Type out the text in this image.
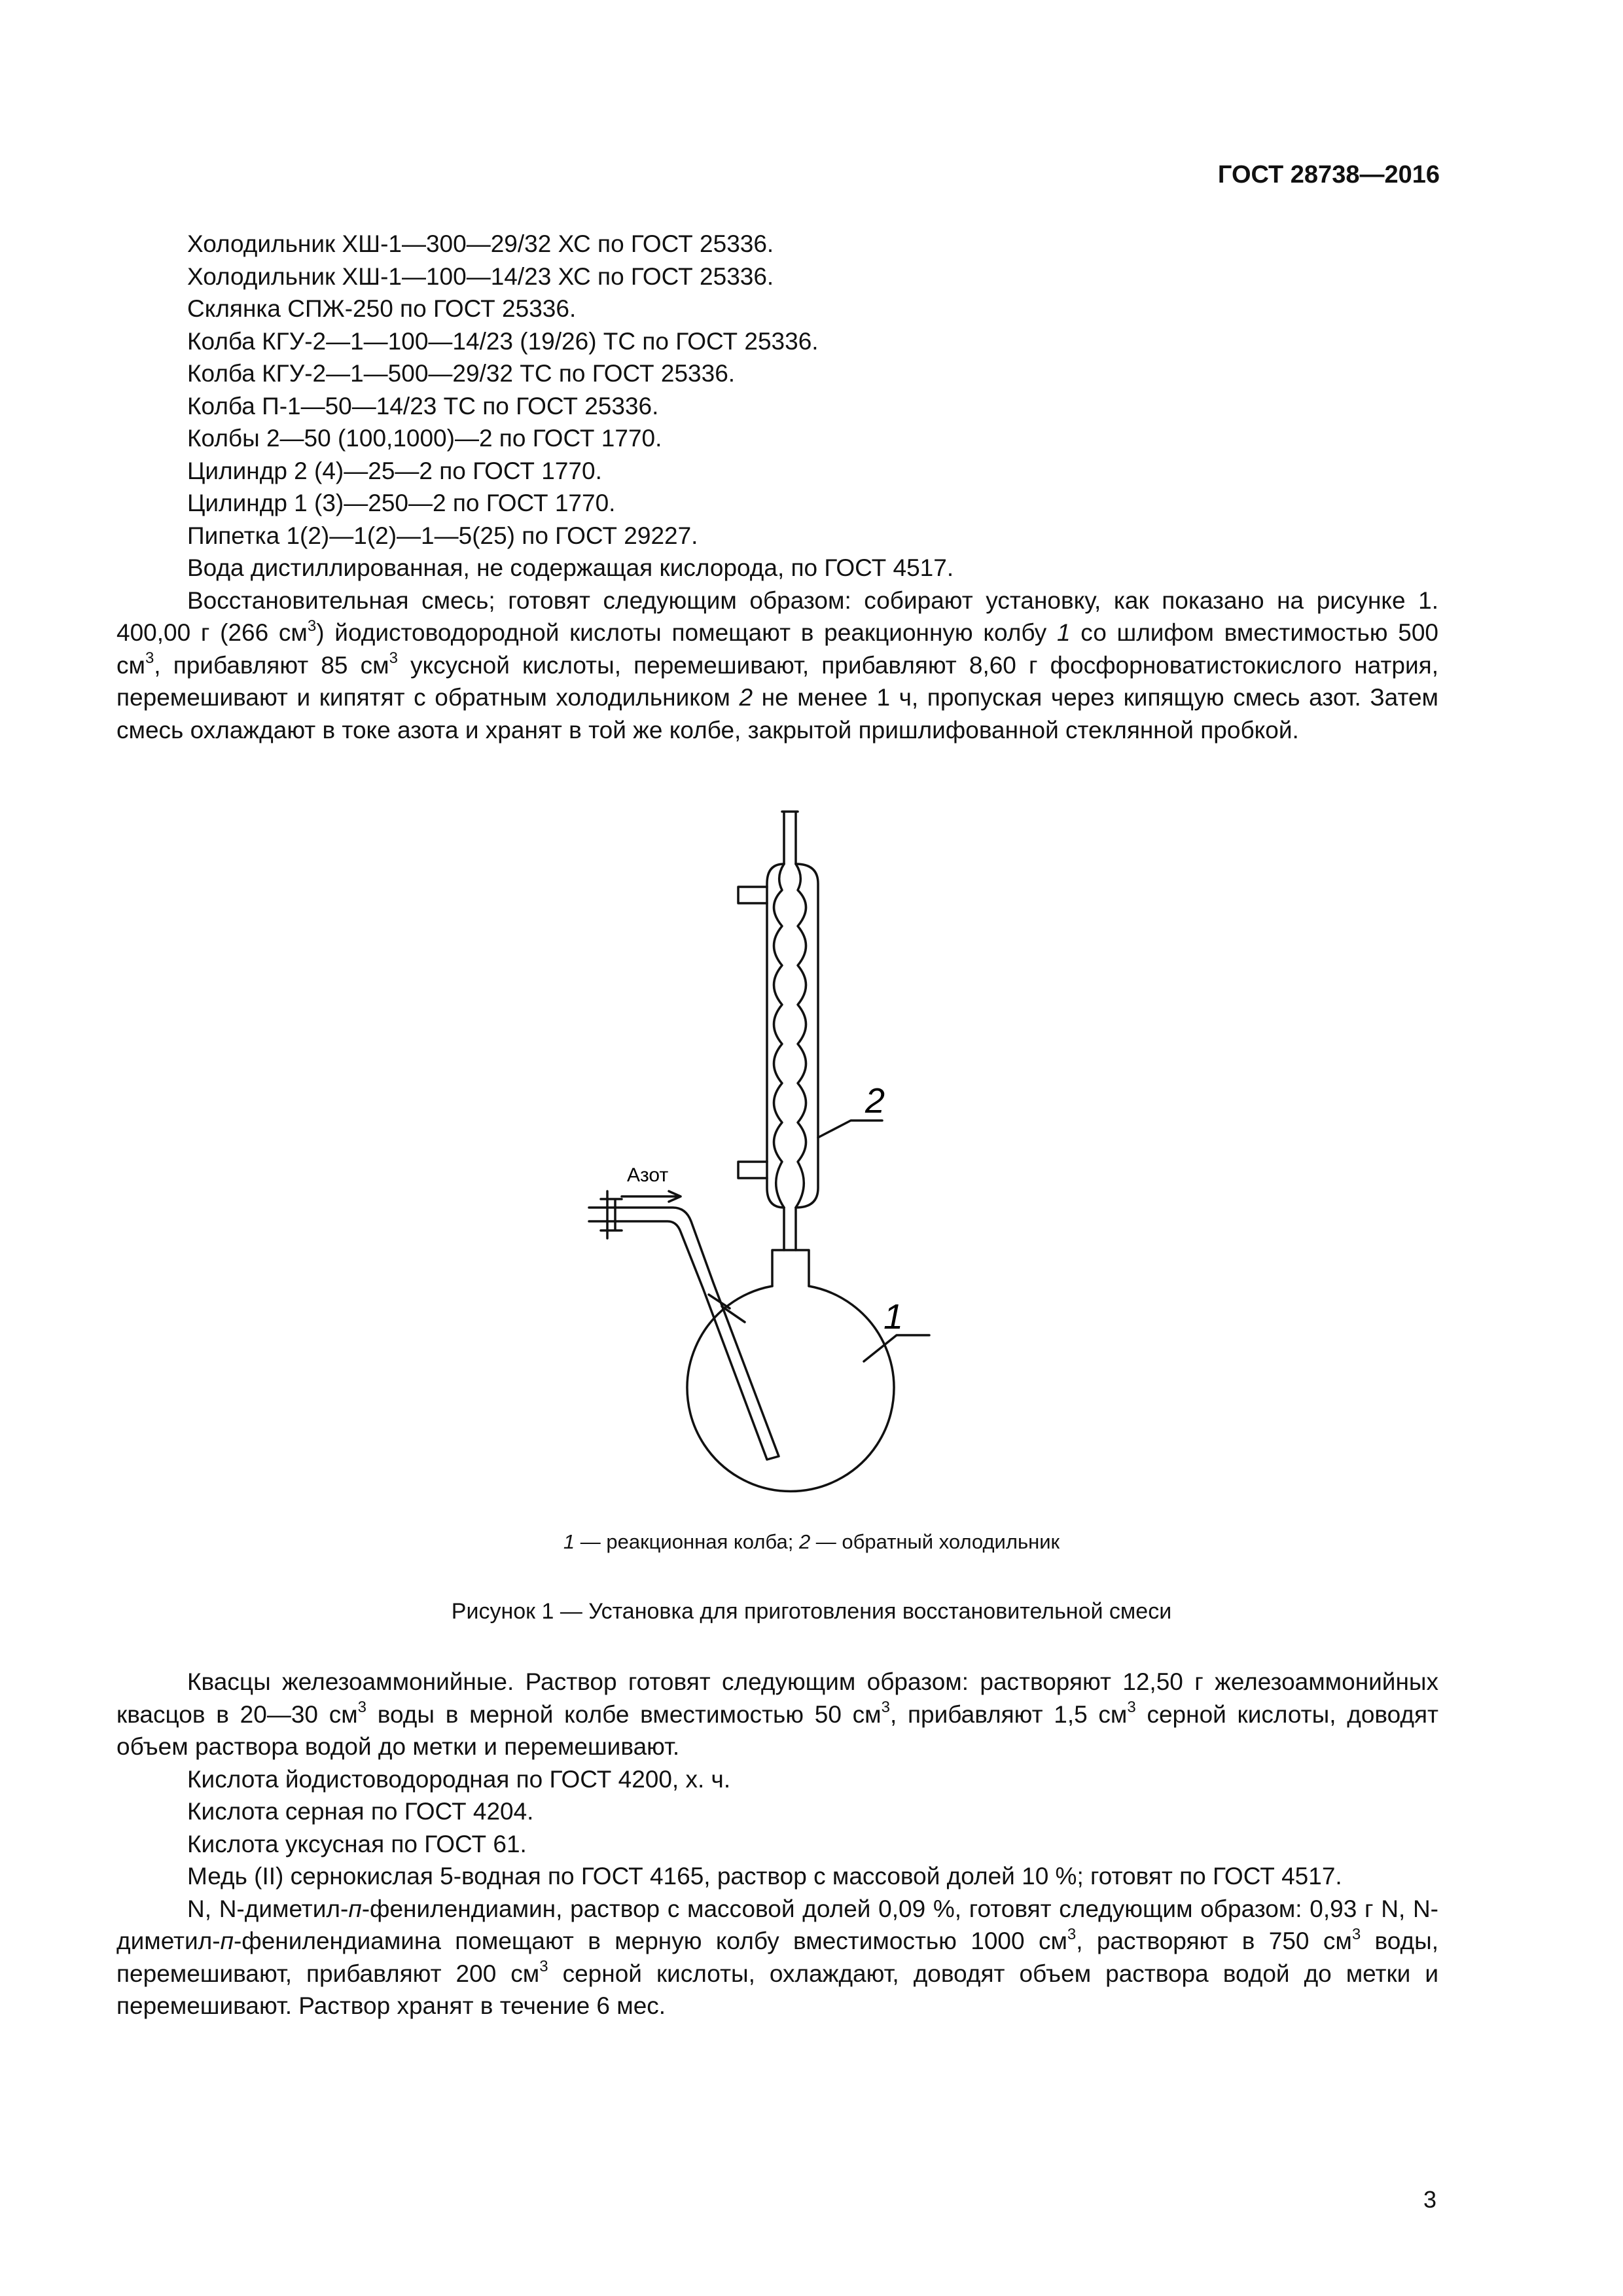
ГОСТ 28738—2016

Холодильник ХШ-1—300—29/32 ХС по ГОСТ 25336.

Холодильник ХШ-1—100—14/23 ХС по ГОСТ 25336.

Склянка СПЖ-250 по ГОСТ 25336.

Колба КГУ-2—1—100—14/23 (19/26) ТС по ГОСТ 25336.

Колба КГУ-2—1—500—29/32 ТС по ГОСТ 25336.

Колба П-1—50—14/23 ТС по ГОСТ 25336.

Колбы 2—50 (100,1000)—2 по ГОСТ 1770.

Цилиндр 2 (4)—25—2 по ГОСТ 1770.

Цилиндр 1 (3)—250—2 по ГОСТ 1770.

Пипетка 1(2)—1(2)—1—5(25) по ГОСТ 29227.

Вода дистиллированная, не содержащая кислорода, по ГОСТ 4517.

Восстановительная смесь; готовят следующим образом: собирают установку, как показано на рисунке 1. 400,00 г (266 $см^3$) йодистоводородной кислоты помещают в реакционную колбу 1 со шлифом вместимостью 500 $см^3$, прибавляют 85 $см^3$ уксусной кислоты, перемешивают, прибавляют 8,60 г фосфорноватистокислого натрия, перемешивают и кипятят с обратным холодильником 2 не менее 1 ч, пропуская через кипящую смесь азот. Затем смесь охлаждают в токе азота и хранят в той же колбе, закрытой пришлифованной стеклянной пробкой.

Азот
2
1
1 — реакционная колба; 2 — обратный холодильник
Рисунок 1 — Установка для приготовления восстановительной смеси

Квасцы железоаммонийные. Раствор готовят следующим образом: растворяют 12,50 г железоаммонийных квасцов в 20—30 $см^3$ воды в мерной колбе вместимостью 50 $см^3$, прибавляют 1,5 $см^3$ серной кислоты, доводят объем раствора водой до метки и перемешивают.

Кислота йодистоводородная по ГОСТ 4200, х. ч.

Кислота серная по ГОСТ 4204.

Кислота уксусная по ГОСТ 61.

Медь (II) сернокислая 5-водная по ГОСТ 4165, раствор с массовой долей 10 %; готовят по ГОСТ 4517.

N, N-диметил-п-фенилендиамин, раствор с массовой долей 0,09 %, готовят следующим образом: 0,93 г N, N-диметил-п-фенилендиамина помещают в мерную колбу вместимостью 1000 $см^3$, растворяют в 750 $см^3$ воды, перемешивают, прибавляют 200 $см^3$ серной кислоты, охлаждают, доводят объем раствора водой до метки и перемешивают. Раствор хранят в течение 6 мес.

3
